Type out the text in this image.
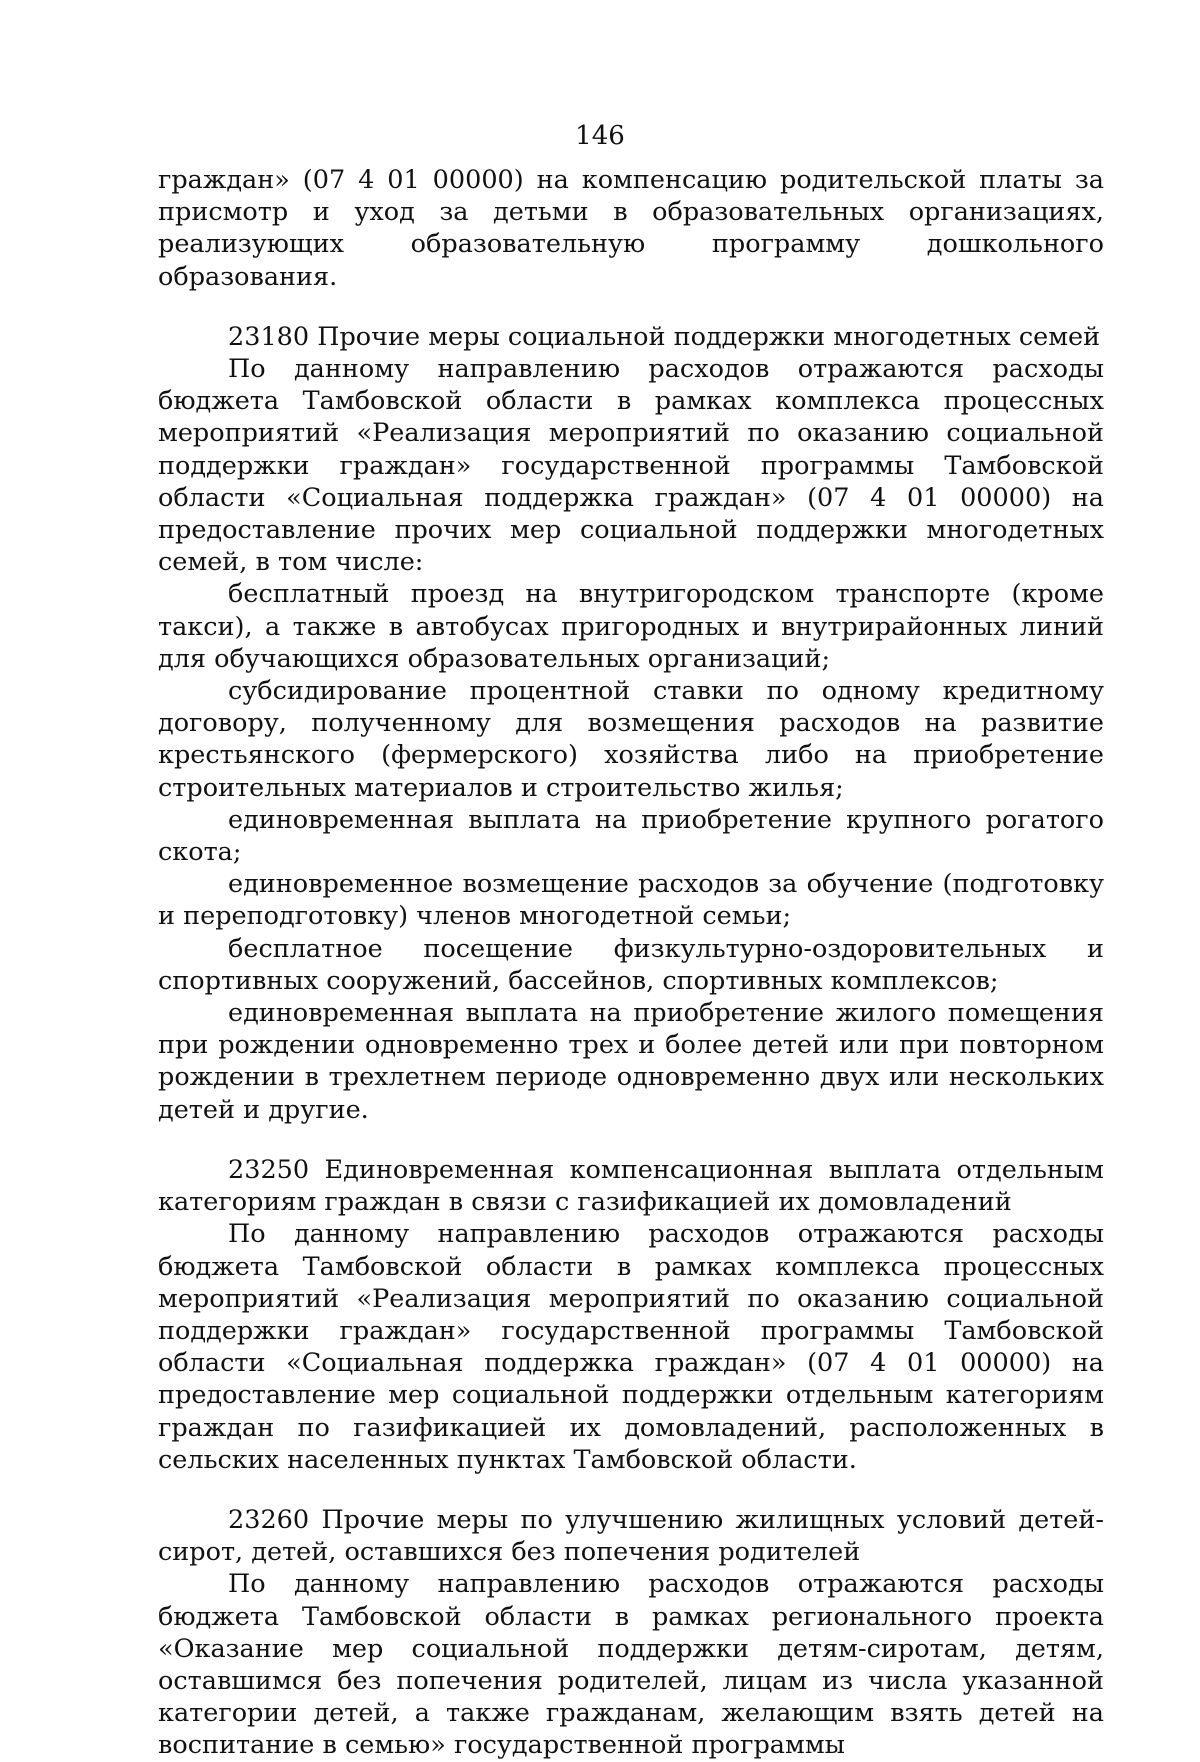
146

граждан» (07 4 01 00000) на компенсацию родительской платы за присмотр и уход за детьми в образовательных организациях, реализующих образовательную программу дошкольного образования.

23180 Прочие меры социальной поддержки многодетных семей

По данному направлению расходов отражаются расходы бюджета Тамбовской области в рамках комплекса процессных мероприятий «Реализация мероприятий по оказанию социальной поддержки граждан» государственной программы Тамбовской области «Социальная поддержка граждан» (07 4 01 00000) на предоставление прочих мер социальной поддержки многодетных семей, в том числе:

бесплатный проезд на внутригородском транспорте (кроме такси), а также в автобусах пригородных и внутрирайонных линий для обучающихся образовательных организаций;

субсидирование процентной ставки по одному кредитному договору, полученному для возмещения расходов на развитие крестьянского (фермерского) хозяйства либо на приобретение строительных материалов и строительство жилья;

единовременная выплата на приобретение крупного рогатого скота;

единовременное возмещение расходов за обучение (подготовку и переподготовку) членов многодетной семьи;

бесплатное посещение физкультурно-оздоровительных и спортивных сооружений, бассейнов, спортивных комплексов;

единовременная выплата на приобретение жилого помещения при рождении одновременно трех и более детей или при повторном рождении в трехлетнем периоде одновременно двух или нескольких детей и другие.

23250 Единовременная компенсационная выплата отдельным категориям граждан в связи с газификацией их домовладений

По данному направлению расходов отражаются расходы бюджета Тамбовской области в рамках комплекса процессных мероприятий «Реализация мероприятий по оказанию социальной поддержки граждан» государственной программы Тамбовской области «Социальная поддержка граждан» (07 4 01 00000) на предоставление мер социальной поддержки отдельным категориям граждан по газификацией их домовладений, расположенных в сельских населенных пунктах Тамбовской области.

23260 Прочие меры по улучшению жилищных условий детей-сирот, детей, оставшихся без попечения родителей

По данному направлению расходов отражаются расходы бюджета Тамбовской области в рамках регионального проекта «Оказание мер социальной поддержки детям-сиротам, детям, оставшимся без попечения родителей, лицам из числа указанной категории детей, а также гражданам, желающим взять детей на воспитание в семью» государственной программы
